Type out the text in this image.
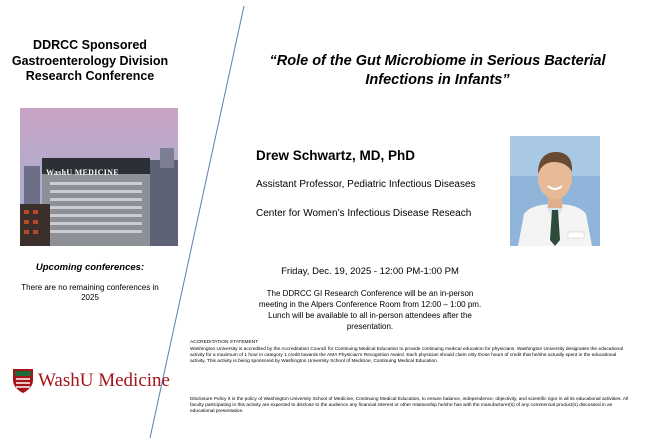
DDRCC Sponsored
Gastroenterology Division
Research Conference
WashU MEDICINE
Upcoming conferences:
There are no remaining conferences in 2025
WashU Medicine
“Role of the Gut Microbiome in Serious Bacterial Infections in Infants”
Drew Schwartz, MD, PhD
Assistant Professor, Pediatric Infectious Diseases
Center for Women’s Infectious Disease Reseach
Friday, Dec. 19, 2025 - 12:00 PM-1:00 PM
The DDRCC GI Research Conference will be an in-person meeting in the Alpers Conference Room from 12:00 – 1:00 pm. Lunch will be available to all in-person attendees after the presentation.
ACCREDITATION STATEMENT
Washington University is accredited by the Accreditation Council for Continuing Medical Education to provide continuing medical education for physicians. Washington University designates the educational activity for a maximum of 1 hour in category 1 credit towards the AMA Physician’s Recognition Award. Each physician should claim only those hours of credit that he/she actually spent in the educational activity. This activity is being sponsored by Washington University School of Medicine, Continuing Medical Education.
Disclosure Policy It is the policy of Washington University School of Medicine, Continuing Medical Education, to ensure balance, independence, objectivity, and scientific rigor in all its educational activities. All faculty participating in this activity are expected to disclose to the audience any financial interest or other relationship he/she has with the manufacturer(s) of any commercial product(s) discussed in an educational presentation.
